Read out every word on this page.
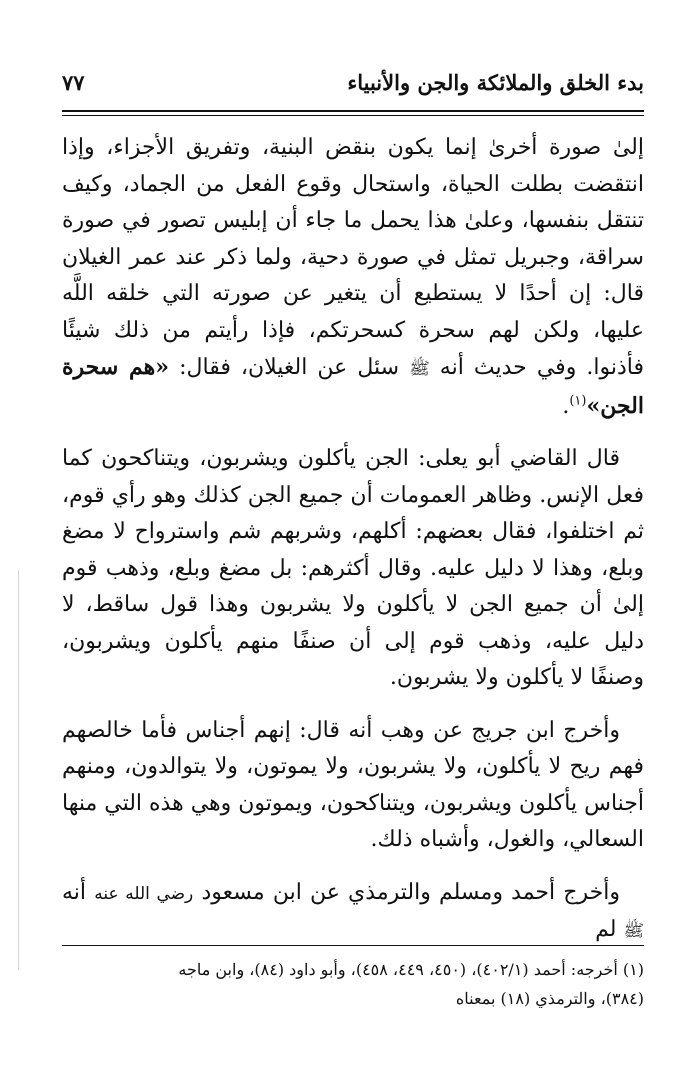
بدء الخلق والملائكة والجن والأنبياء
٧٧

إلىٰ صورة أخرىٰ إنما يكون بنقض البنية، وتفريق الأجزاء، وإذا انتقضت بطلت الحياة، واستحال وقوع الفعل من الجماد، وكيف تنتقل بنفسها، وعلىٰ هذا يحمل ما جاء أن إبليس تصور في صورة سراقة، وجبريل تمثل في صورة دحية، ولما ذكر عند عمر الغيلان قال: إن أحدًا لا يستطيع أن يتغير عن صورته التي خلقه اللَّه عليها، ولكن لهم سحرة كسحرتكم، فإذا رأيتم من ذلك شيئًا فأذنوا. وفي حديث أنه ﷺ سئل عن الغيلان، فقال: «هم سحرة الجن»$^{(١)}$.

قال القاضي أبو يعلى: الجن يأكلون ويشربون، ويتناكحون كما فعل الإنس. وظاهر العمومات أن جميع الجن كذلك وهو رأي قوم، ثم اختلفوا، فقال بعضهم: أكلهم، وشربهم شم واسترواح لا مضغ وبلع، وهذا لا دليل عليه. وقال أكثرهم: بل مضغ وبلع، وذهب قوم إلىٰ أن جميع الجن لا يأكلون ولا يشربون وهذا قول ساقط، لا دليل عليه، وذهب قوم إلى أن صنفًا منهم يأكلون ويشربون، وصنفًا لا يأكلون ولا يشربون.

وأخرج ابن جريج عن وهب أنه قال: إنهم أجناس فأما خالصهم فهم ريح لا يأكلون، ولا يشربون، ولا يموتون، ولا يتوالدون، ومنهم أجناس يأكلون ويشربون، ويتناكحون، ويموتون وهي هذه التي منها السعالي، والغول، وأشباه ذلك.

وأخرج أحمد ومسلم والترمذي عن ابن مسعود رضي الله عنه أنه ﷺ لم

(١) أخرجه: أحمد (٤٠٢/١)، (٤٥٠، ٤٤٩، ٤٥٨)، وأبو داود (٨٤)، وابن ماجه

(٣٨٤)، والترمذي (١٨) بمعناه
